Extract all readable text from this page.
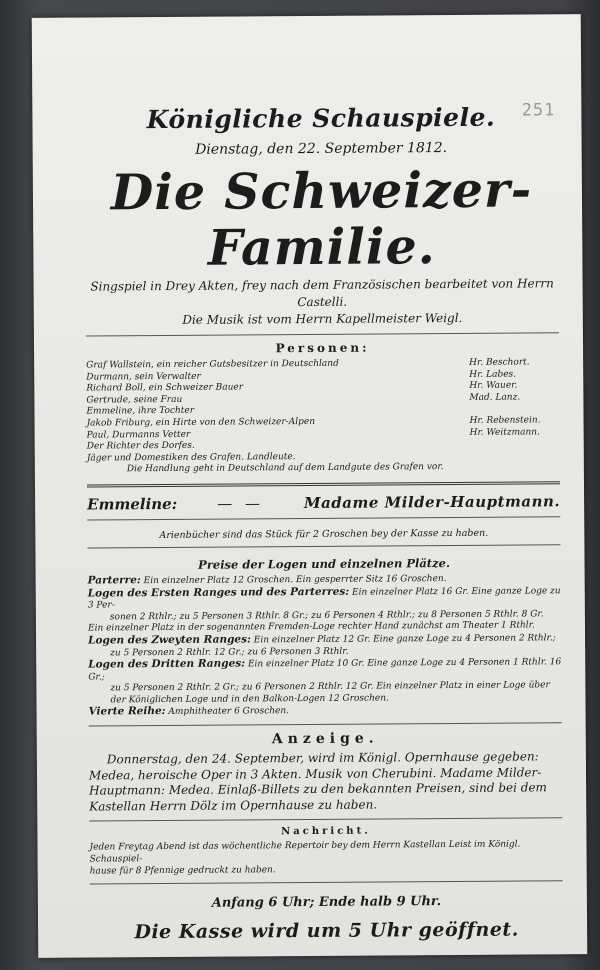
251
Königliche Schauspiele.
Dienstag, den 22. September 1812.
Die Schweizer-Familie.
Singspiel in Drey Akten, frey nach dem Französischen bearbeitet von Herrn Castelli.
Die Musik ist vom Herrn Kapellmeister Weigl.
Personen:
Graf Wallstein, ein reicher Gutsbesitzer in Deutschland	Hr. Beschort.
Durmann, sein Verwalter	Hr. Labes.
Richard Boll, ein Schweizer Bauer	Hr. Wauer.
Gertrude, seine Frau	Mad. Lanz.
Emmeline, ihre Tochter
Jakob Friburg, ein Hirte von den Schweizer-Alpen	Hr. Rebenstein.
Paul, Durmanns Vetter	Hr. Weitzmann.
Der Richter des Dorfes.
Jäger und Domestiken des Grafen. Landleute.
Die Handlung geht in Deutschland auf dem Landgute des Grafen vor.
Emmeline:	— —	Madame Milder-Hauptmann.
Arienbücher sind das Stück für 2 Groschen bey der Kasse zu haben.
Preise der Logen und einzelnen Plätze.
Parterre: Ein einzelner Platz 12 Groschen. Ein gesperrter Sitz 16 Groschen.
Logen des Ersten Ranges und des Parterres: Ein einzelner Platz 16 Gr. Eine ganze Loge zu 3 Per-
sonen 2 Rthlr.; zu 5 Personen 3 Rthlr. 8 Gr.; zu 6 Personen 4 Rthlr.; zu 8 Personen 5 Rthlr. 8 Gr.
Ein einzelner Platz in der sogenannten Fremden-Loge rechter Hand zunächst am Theater 1 Rthlr.
Logen des Zweyten Ranges: Ein einzelner Platz 12 Gr. Eine ganze Loge zu 4 Personen 2 Rthlr.;
zu 5 Personen 2 Rthlr. 12 Gr.; zu 6 Personen 3 Rthlr.
Logen des Dritten Ranges: Ein einzelner Platz 10 Gr. Eine ganze Loge zu 4 Personen 1 Rthlr. 16 Gr.;
zu 5 Personen 2 Rthlr. 2 Gr.; zu 6 Personen 2 Rthlr. 12 Gr. Ein einzelner Platz in einer Loge über
der Königlichen Loge und in den Balkon-Logen 12 Groschen.
Vierte Reihe: Amphitheater 6 Groschen.
Anzeige.
Donnerstag, den 24. September, wird im Königl. Opernhause gegeben:
Medea, heroische Oper in 3 Akten. Musik von Cherubini. Madame Milder-
Hauptmann: Medea. Einlaß-Billets zu den bekannten Preisen, sind bei dem
Kastellan Herrn Dölz im Opernhause zu haben.
Nachricht.
Jeden Freytag Abend ist das wöchentliche Repertoir bey dem Herrn Kastellan Leist im Königl. Schauspiel-
hause für 8 Pfennige gedruckt zu haben.
Anfang 6 Uhr; Ende halb 9 Uhr.
Die Kasse wird um 5 Uhr geöffnet.
